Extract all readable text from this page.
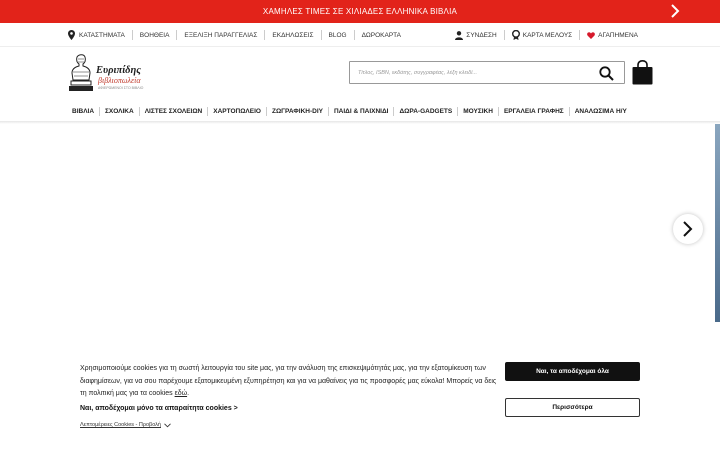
ΧΑΜΗΛΕΣ ΤΙΜΕΣ ΣΕ ΧΙΛΙΑΔΕΣ ΕΛΛΗΝΙΚΑ ΒΙΒΛΙΑ
ΚΑΤΑΣΤΗΜΑΤΑ ΒΟΗΘΕΙΑ ΕΞΕΛΙΞΗ ΠΑΡΑΓΓΕΛΙΑΣ ΕΚΔΗΛΩΣΕΙΣ BLOG ΔΩΡΟΚΑΡΤΑ	ΣΥΝΔΕΣΗ	ΚΑΡΤΑ ΜΕΛΟΥΣ	ΑΓΑΠΗΜΕΝΑ
Ευριπίδης
βιβλιοπωλεία
ΑΦΙΕΡΩΜΕΝΟΙ ΣΤΟ ΒΙΒΛΙΟ
Τίτλος, ISBN, εκδότης, συγγραφέας, λέξη κλειδί...
ΒΙΒΛΙΑ	ΣΧΟΛΙΚΑ	ΛΙΣΤΕΣ ΣΧΟΛΕΙΩΝ	ΧΑΡΤΟΠΩΛΕΙΟ	ΖΩΓΡΑΦΙΚΗ-DIY	ΠΑΙΔΙ & ΠΑΙΧΝΙΔΙ	ΔΩΡΑ-GADGETS	ΜΟΥΣΙΚΗ	ΕΡΓΑΛΕΙΑ ΓΡΑΦΗΣ	ΑΝΑΛΩΣΙΜΑ Η/Υ
Χρησιμοποιούμε cookies για τη σωστή λειτουργία του site μας, για την ανάλυση της επισκεψιμότητάς μας, για την εξατομίκευση των διαφημίσεων, για να σου παρέχουμε εξατομικευμένη εξυπηρέτηση και για να μαθαίνεις για τις προσφορές μας εύκολα! Μπορείς να δεις τη πολιτική μας για τα cookies εδώ.
Ναι, αποδέχομαι μόνο τα απαραίτητα cookies >
Λεπτομέρειες Cookies - Προβολή
Ναι, τα αποδέχομαι όλα
Περισσότερα
